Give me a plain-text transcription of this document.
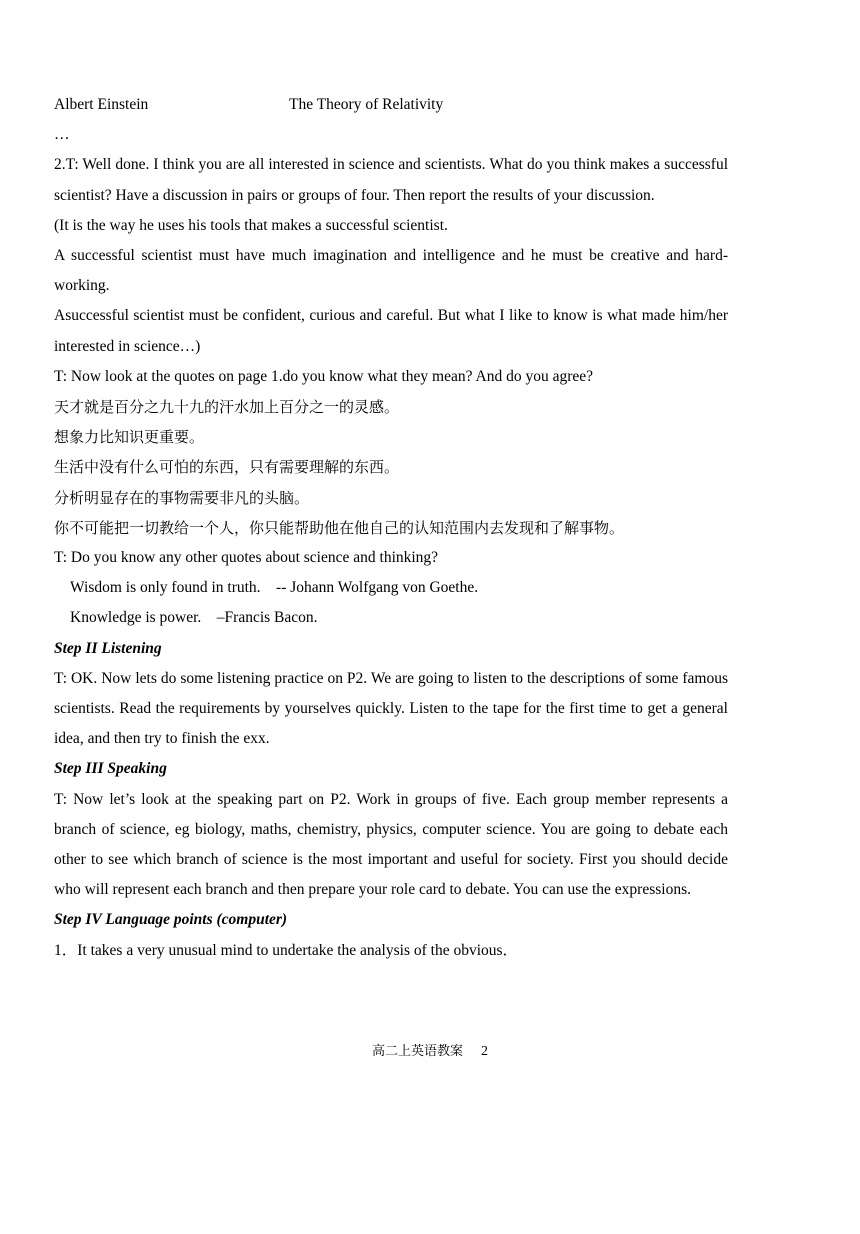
Albert Einstein	The Theory of Relativity
…
2.T: Well done. I think you are all interested in science and scientists. What do you think makes a successful scientist? Have a discussion in pairs or groups of four. Then report the results of your discussion.
(It is the way he uses his tools that makes a successful scientist.
A successful scientist must have much imagination and intelligence and he must be creative and hard-working.
Asuccessful scientist must be confident, curious and careful. But what I like to know is what made him/her interested in science…)
T: Now look at the quotes on page 1.do you know what they mean? And do you agree?
天才就是百分之九十九的汗水加上百分之一的灵感。
想象力比知识更重要。
生活中没有什么可怕的东西，只有需要理解的东西。
分析明显存在的事物需要非凡的头脑。
你不可能把一切教给一个人，你只能帮助他在他自己的认知范围内去发现和了解事物。
T: Do you know any other quotes about science and thinking?
Wisdom is only found in truth.    -- Johann Wolfgang von Goethe.
Knowledge is power.    –Francis Bacon.
Step II Listening
T: OK. Now lets do some listening practice on P2. We are going to listen to the descriptions of some famous scientists. Read the requirements by yourselves quickly. Listen to the tape for the first time to get a general idea, and then try to finish the exx.
Step III Speaking
T: Now let’s look at the speaking part on P2. Work in groups of five. Each group member represents a branch of science, eg biology, maths, chemistry, physics, computer science. You are going to debate each other to see which branch of science is the most important and useful for society. First you should decide who will represent each branch and then prepare your role card to debate. You can use the expressions.
Step IV Language points (computer)
1．It takes a very unusual mind to undertake the analysis of the obvious．
高二上英语教案 2
